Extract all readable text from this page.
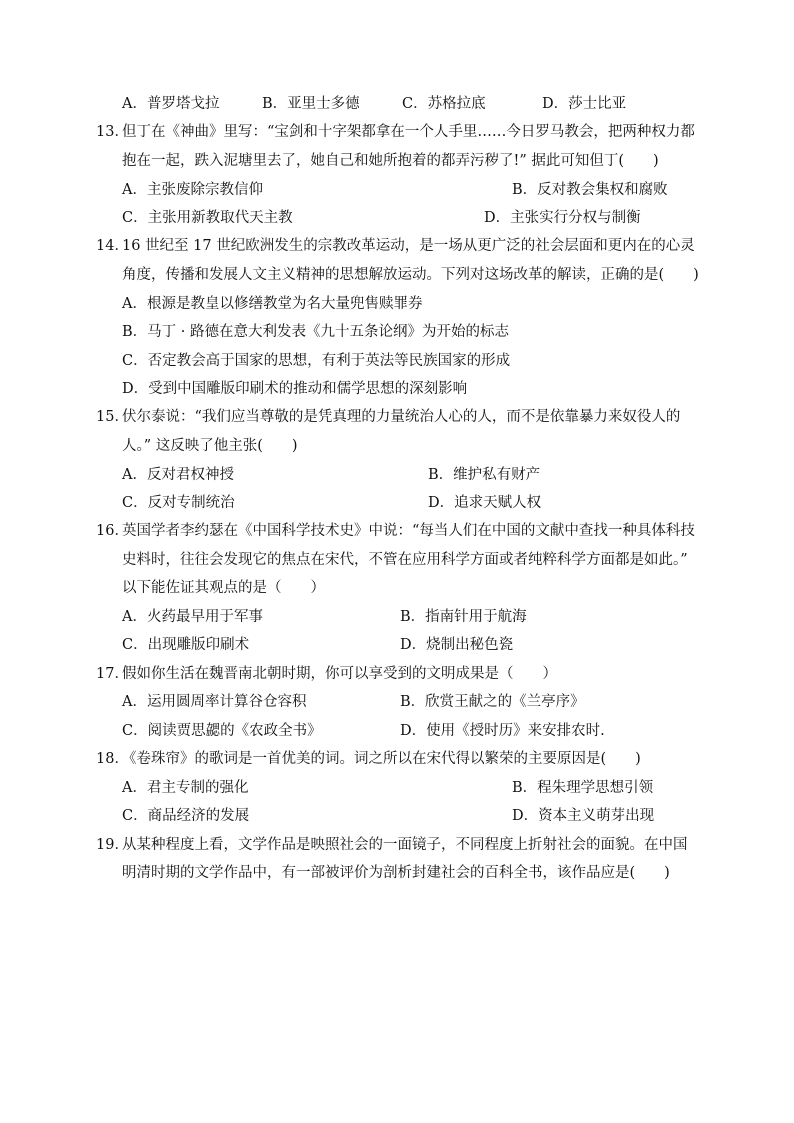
A．普罗塔戈拉	B．亚里士多德	C．苏格拉底	D．莎士比亚
13．
但丁在《神曲》里写：“宝剑和十字架都拿在一个人手里……今日罗马教会，把两种权力都
抱在一起，跌入泥塘里去了，她自己和她所抱着的都弄污秽了!” 据此可知但丁(　　)
A．主张废除宗教信仰	B．反对教会集权和腐败
C．主张用新教取代天主教	D．主张实行分权与制衡
14．
16 世纪至 17 世纪欧洲发生的宗教改革运动，是一场从更广泛的社会层面和更内在的心灵
角度，传播和发展人文主义精神的思想解放运动。下列对这场改革的解读，正确的是(　　)
A．根源是教皇以修缮教堂为名大量兜售赎罪券
B．马丁 · 路德在意大利发表《九十五条论纲》为开始的标志
C．否定教会高于国家的思想，有利于英法等民族国家的形成
D．受到中国雕版印刷术的推动和儒学思想的深刻影响
15．
伏尔泰说：“我们应当尊敬的是凭真理的力量统治人心的人，而不是依靠暴力来奴役人的
人。” 这反映了他主张(　　)
A．反对君权神授	B．维护私有财产
C．反对专制统治	D．追求天赋人权
16．
英国学者李约瑟在《中国科学技术史》中说：“每当人们在中国的文献中查找一种具体科技
史料时，往往会发现它的焦点在宋代，不管在应用科学方面或者纯粹科学方面都是如此。”
以下能佐证其观点的是（　　）
A．火药最早用于军事	B．指南针用于航海
C．出现雕版印刷术	D．烧制出秘色瓷
17．
假如你生活在魏晋南北朝时期，你可以享受到的文明成果是（　　）
A．运用圆周率计算谷仓容积	B．欣赏王献之的《兰亭序》
C．阅读贾思勰的《农政全书》	D．使用《授时历》来安排农时.
18．
《卷珠帘》的歌词是一首优美的词。词之所以在宋代得以繁荣的主要原因是(　　)
A．君主专制的强化	B．程朱理学思想引领
C．商品经济的发展	D．资本主义萌芽出现
19．
从某种程度上看，文学作品是映照社会的一面镜子，不同程度上折射社会的面貌。在中国
明清时期的文学作品中，有一部被评价为剖析封建社会的百科全书，该作品应是(　　)
